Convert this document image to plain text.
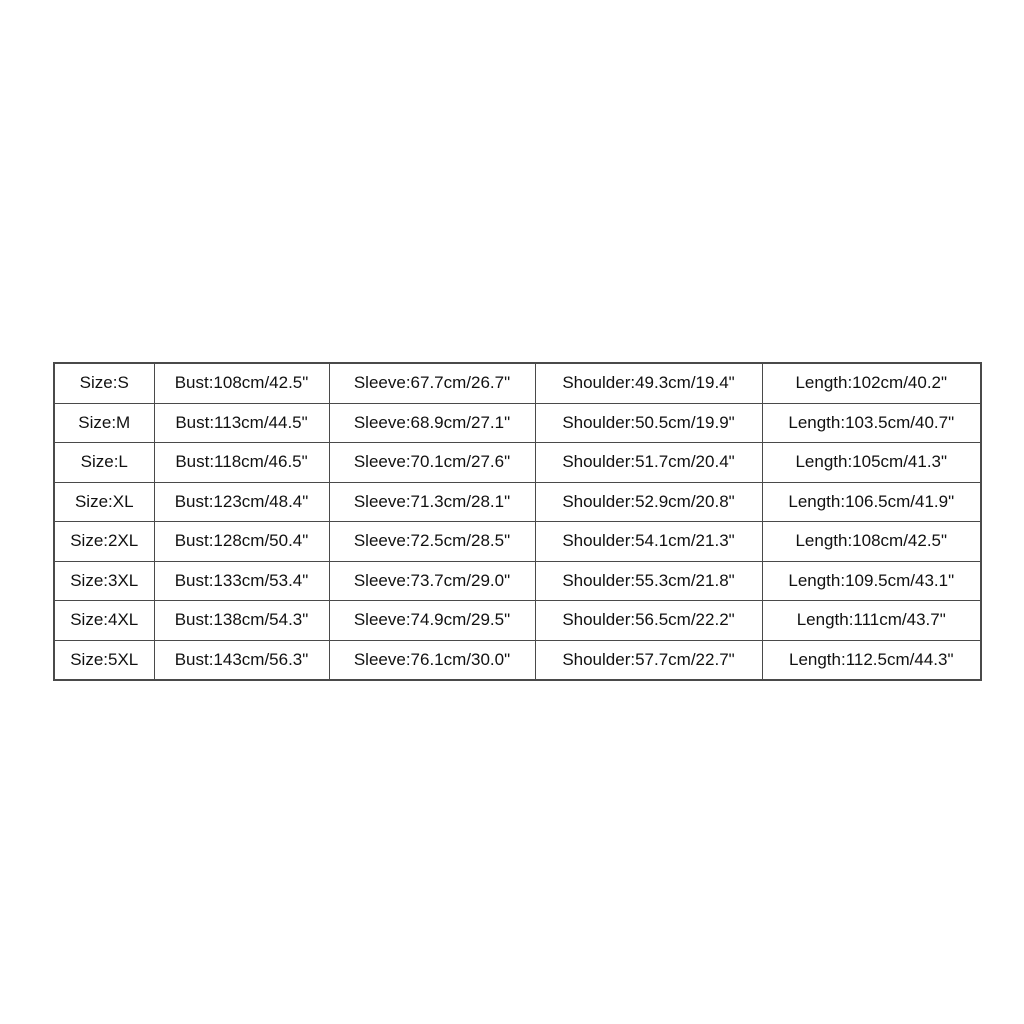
Size:S	Bust:108cm/42.5"	Sleeve:67.7cm/26.7"	Shoulder:49.3cm/19.4"	Length:102cm/40.2"
Size:M	Bust:113cm/44.5"	Sleeve:68.9cm/27.1"	Shoulder:50.5cm/19.9"	Length:103.5cm/40.7"
Size:L	Bust:118cm/46.5"	Sleeve:70.1cm/27.6"	Shoulder:51.7cm/20.4"	Length:105cm/41.3"
Size:XL	Bust:123cm/48.4"	Sleeve:71.3cm/28.1"	Shoulder:52.9cm/20.8"	Length:106.5cm/41.9"
Size:2XL	Bust:128cm/50.4"	Sleeve:72.5cm/28.5"	Shoulder:54.1cm/21.3"	Length:108cm/42.5"
Size:3XL	Bust:133cm/53.4"	Sleeve:73.7cm/29.0"	Shoulder:55.3cm/21.8"	Length:109.5cm/43.1"
Size:4XL	Bust:138cm/54.3"	Sleeve:74.9cm/29.5"	Shoulder:56.5cm/22.2"	Length:111cm/43.7"
Size:5XL	Bust:143cm/56.3"	Sleeve:76.1cm/30.0"	Shoulder:57.7cm/22.7"	Length:112.5cm/44.3"
